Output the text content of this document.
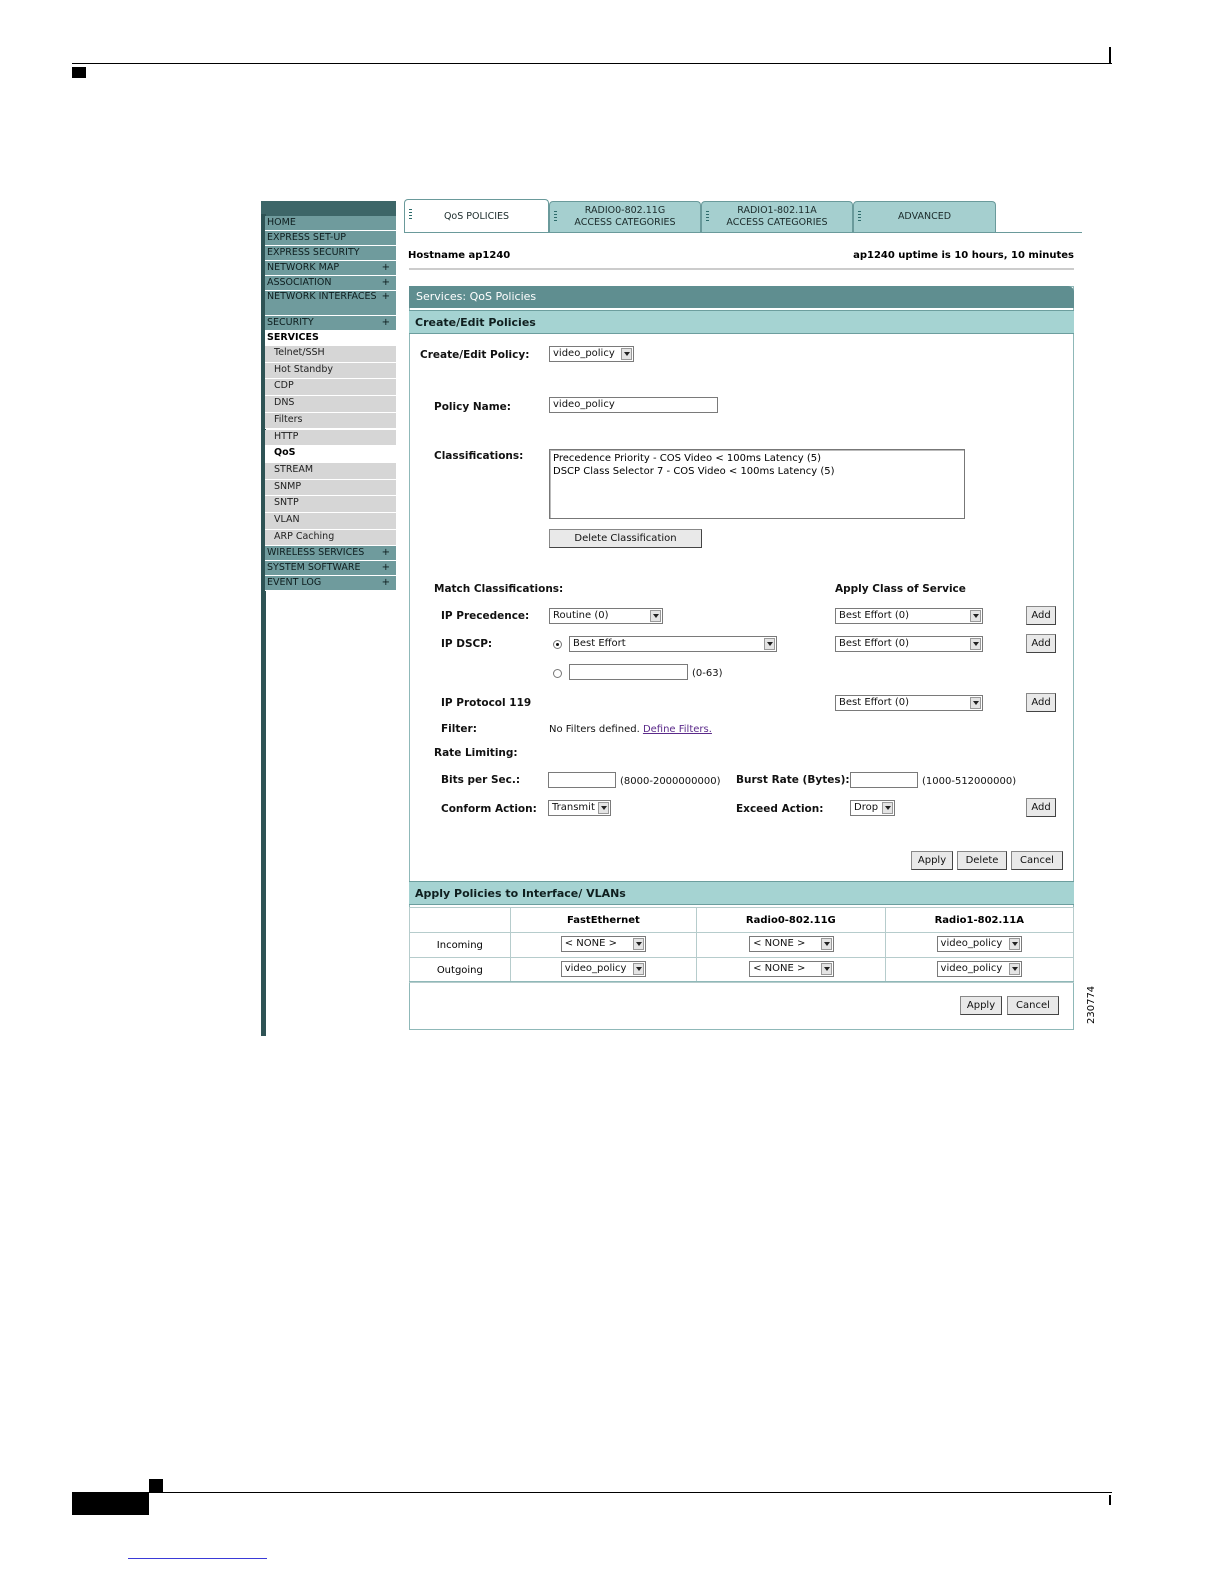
HOME
EXPRESS SET-UP
EXPRESS SECURITY
NETWORK MAP	+
ASSOCIATION	+
NETWORK INTERFACES +
SECURITY	+
SERVICES
Telnet/SSH
Hot Standby
CDP
DNS
Filters
HTTP
QoS
STREAM
SNMP
SNTP
VLAN
ARP Caching
WIRELESS SERVICES +
SYSTEM SOFTWARE +
EVENT LOG	+
QoS POLICIES	RADIO0-802.11G
ACCESS CATEGORIES
RADIO1-802.11A
ACCESS CATEGORIES
ADVANCED
Hostname ap1240	ap1240 uptime is 10 hours, 10 minutes
Services: QoS Policies
Create/Edit Policies
Create/Edit Policy:	video_policy
Policy Name:	video_policy
Classifications:	Precedence Priority - COS Video < 100ms Latency (5)
DSCP Class Selector 7 - COS Video < 100ms Latency (5)
Delete Classification
Match Classifications:	Apply Class of Service
IP Precedence:	Routine (0)	Best Effort (0)	Add
IP DSCP:	Best Effort	Best Effort (0)	Add
(0-63)
IP Protocol 119	Best Effort (0)	Add
Filter:	No Filters defined. Define Filters.
Rate Limiting:
Bits per Sec.:	(8000-2000000000) Burst Rate (Bytes):	(1000-512000000)
Conform Action:	Transmit	Exceed Action:	Drop	Add
Apply	Delete	Cancel
Apply Policies to Interface/ VLANs
	FastEthernet	Radio0-802.11G	Radio1-802.11A
Incoming	< NONE >	< NONE >	video_policy

Outgoing	video_policy	< NONE >	video_policy
Apply	Cancel	230774
